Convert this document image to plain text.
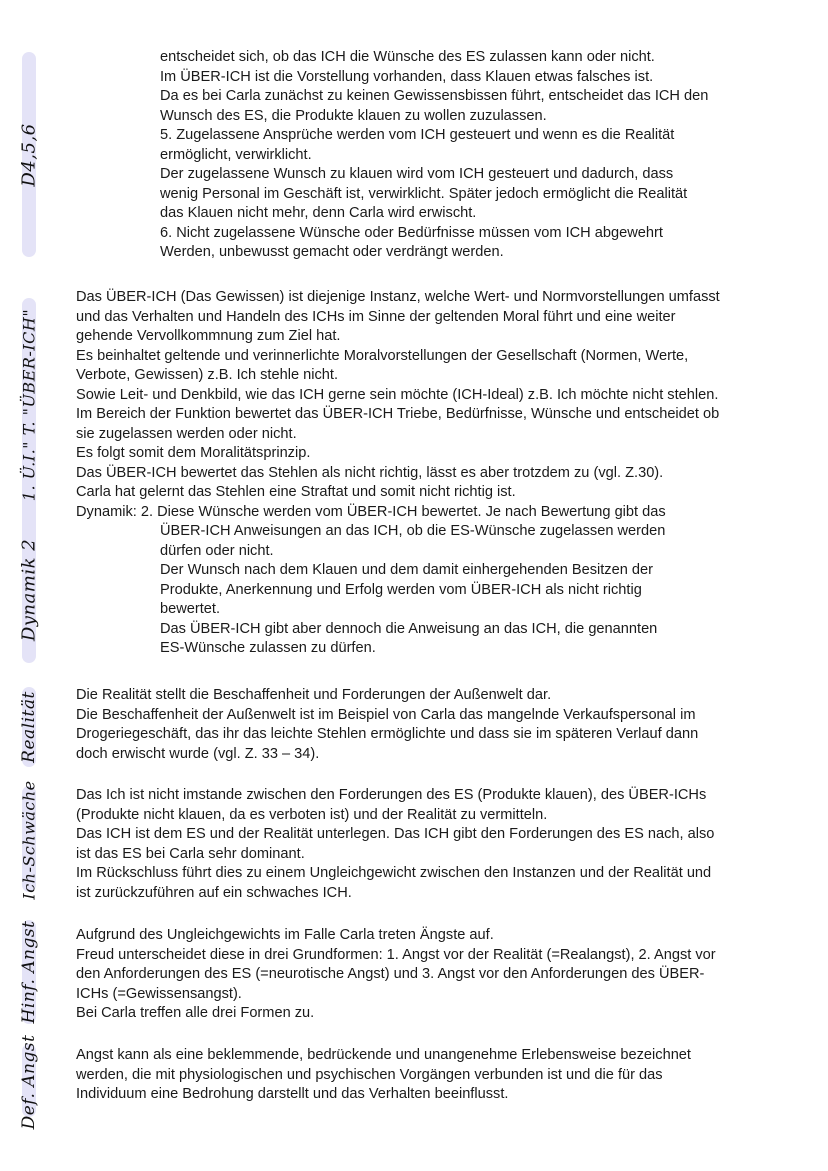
D4,5,6
1. Ü.I." T. "ÜBER-ICH"
Dynamik 2
Realität
Ich-Schwäche
Hinf. Angst
Def. Angst

entscheidet sich, ob das ICH die Wünsche des ES zulassen kann oder nicht.

Im ÜBER-ICH ist die Vorstellung vorhanden, dass Klauen etwas falsches ist.

Da es bei Carla zunächst zu keinen Gewissensbissen führt, entscheidet das ICH den

Wunsch des ES, die Produkte klauen zu wollen zuzulassen.

5. Zugelassene Ansprüche werden vom ICH gesteuert und wenn es die Realität

ermöglicht, verwirklicht.

Der zugelassene Wunsch zu klauen wird vom ICH gesteuert und dadurch, dass

wenig Personal im Geschäft ist, verwirklicht. Später jedoch ermöglicht die Realität

das Klauen nicht mehr, denn Carla wird erwischt.

6. Nicht zugelassene Wünsche oder Bedürfnisse müssen vom ICH abgewehrt

Werden, unbewusst gemacht oder verdrängt werden.

Das ÜBER-ICH (Das Gewissen) ist diejenige Instanz, welche Wert- und Normvorstellungen umfasst

und das Verhalten und Handeln des ICHs im Sinne der geltenden Moral führt und eine weiter

gehende Vervollkommnung zum Ziel hat.

Es beinhaltet geltende und verinnerlichte Moralvorstellungen der Gesellschaft (Normen, Werte,

Verbote, Gewissen) z.B. Ich stehle nicht.

Sowie Leit- und Denkbild, wie das ICH gerne sein möchte (ICH-Ideal) z.B. Ich möchte nicht stehlen.

Im Bereich der Funktion bewertet das ÜBER-ICH Triebe, Bedürfnisse, Wünsche und entscheidet ob

sie zugelassen werden oder nicht.

Es folgt somit dem Moralitätsprinzip.

Das ÜBER-ICH bewertet das Stehlen als nicht richtig, lässt es aber trotzdem zu (vgl. Z.30).

Carla hat gelernt das Stehlen eine Straftat und somit nicht richtig ist.

Dynamik: 2. Diese Wünsche werden vom ÜBER-ICH bewertet. Je nach Bewertung gibt das

ÜBER-ICH Anweisungen an das ICH, ob die ES-Wünsche zugelassen werden

dürfen oder nicht.

Der Wunsch nach dem Klauen und dem damit einhergehenden Besitzen der

Produkte, Anerkennung und Erfolg werden vom ÜBER-ICH als nicht richtig

bewertet.

Das ÜBER-ICH gibt aber dennoch die Anweisung an das ICH, die genannten

ES-Wünsche zulassen zu dürfen.

Die Realität stellt die Beschaffenheit und Forderungen der Außenwelt dar.

Die Beschaffenheit der Außenwelt ist im Beispiel von Carla das mangelnde Verkaufspersonal im

Drogeriegeschäft, das ihr das leichte Stehlen ermöglichte und dass sie im späteren Verlauf dann

doch erwischt wurde (vgl. Z. 33 – 34).

Das Ich ist nicht imstande zwischen den Forderungen des ES (Produkte klauen), des ÜBER-ICHs

(Produkte nicht klauen, da es verboten ist) und der Realität zu vermitteln.

Das ICH ist dem ES und der Realität unterlegen. Das ICH gibt den Forderungen des ES nach, also

ist das ES bei Carla sehr dominant.

Im Rückschluss führt dies zu einem Ungleichgewicht zwischen den Instanzen und der Realität und

ist zurückzuführen auf ein schwaches ICH.

Aufgrund des Ungleichgewichts im Falle Carla treten Ängste auf.

Freud unterscheidet diese in drei Grundformen: 1. Angst vor der Realität (=Realangst), 2. Angst vor

den Anforderungen des ES (=neurotische Angst) und 3. Angst vor den Anforderungen des ÜBER-

ICHs (=Gewissensangst).

Bei Carla treffen alle drei Formen zu.

Angst kann als eine beklemmende, bedrückende und unangenehme Erlebensweise bezeichnet

werden, die mit physiologischen und psychischen Vorgängen verbunden ist und die für das

Individuum eine Bedrohung darstellt und das Verhalten beeinflusst.
